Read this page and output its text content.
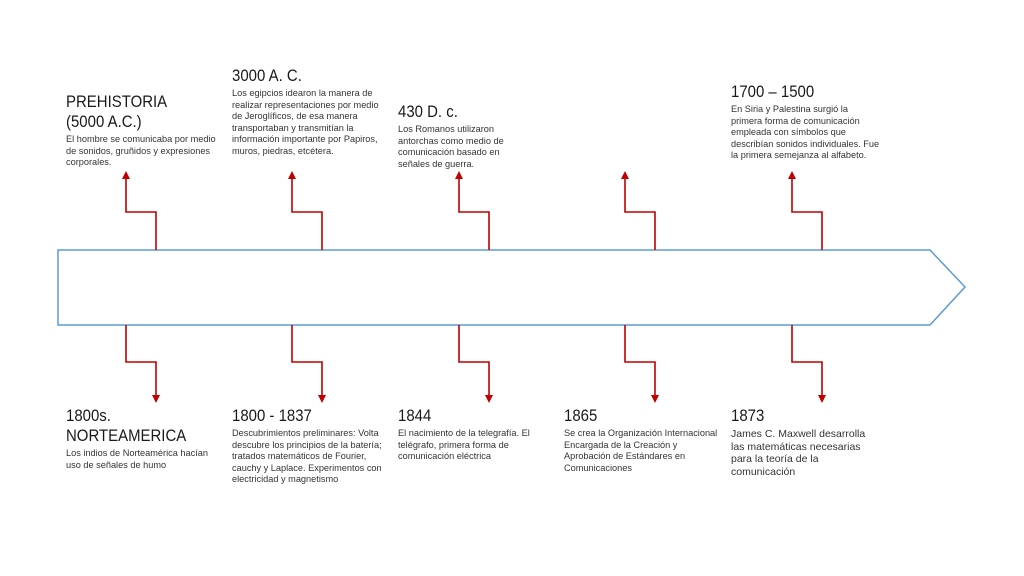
PREHISTORIA
(5000 A.C.)
El hombre se comunicaba por medio de sonidos, gruñidos y expresiones corporales.
3000 A. C.
Los egipcios idearon la manera de realizar representaciones por medio de Jeroglíficos, de esa manera transportaban y transmitían la información importante por Papiros, muros, piedras, etcétera.
430 D. c.
Los Romanos utilizaron antorchas como medio de comunicación basado en señales de guerra.
1700 – 1500
En Siria y Palestina surgió la primera forma de comunicación empleada con símbolos que describían sonidos individuales. Fue la primera semejanza al alfabeto.
1800s.
NORTEAMERICA
Los indios de Norteamérica hacían uso de señales de humo
1800 - 1837
Descubrimientos preliminares: Volta descubre los principios de la batería; tratados matemáticos de Fourier, cauchy y Laplace. Experimentos con electricidad y magnetismo
1844
El nacimiento de la telegrafía. El telégrafo, primera forma de comunicación eléctrica
1865
Se crea la Organización Internacional Encargada de la Creación y Aprobación de Estándares en Comunicaciones
1873
James C. Maxwell desarrolla las matemáticas necesarias para la teoría de la comunicación
